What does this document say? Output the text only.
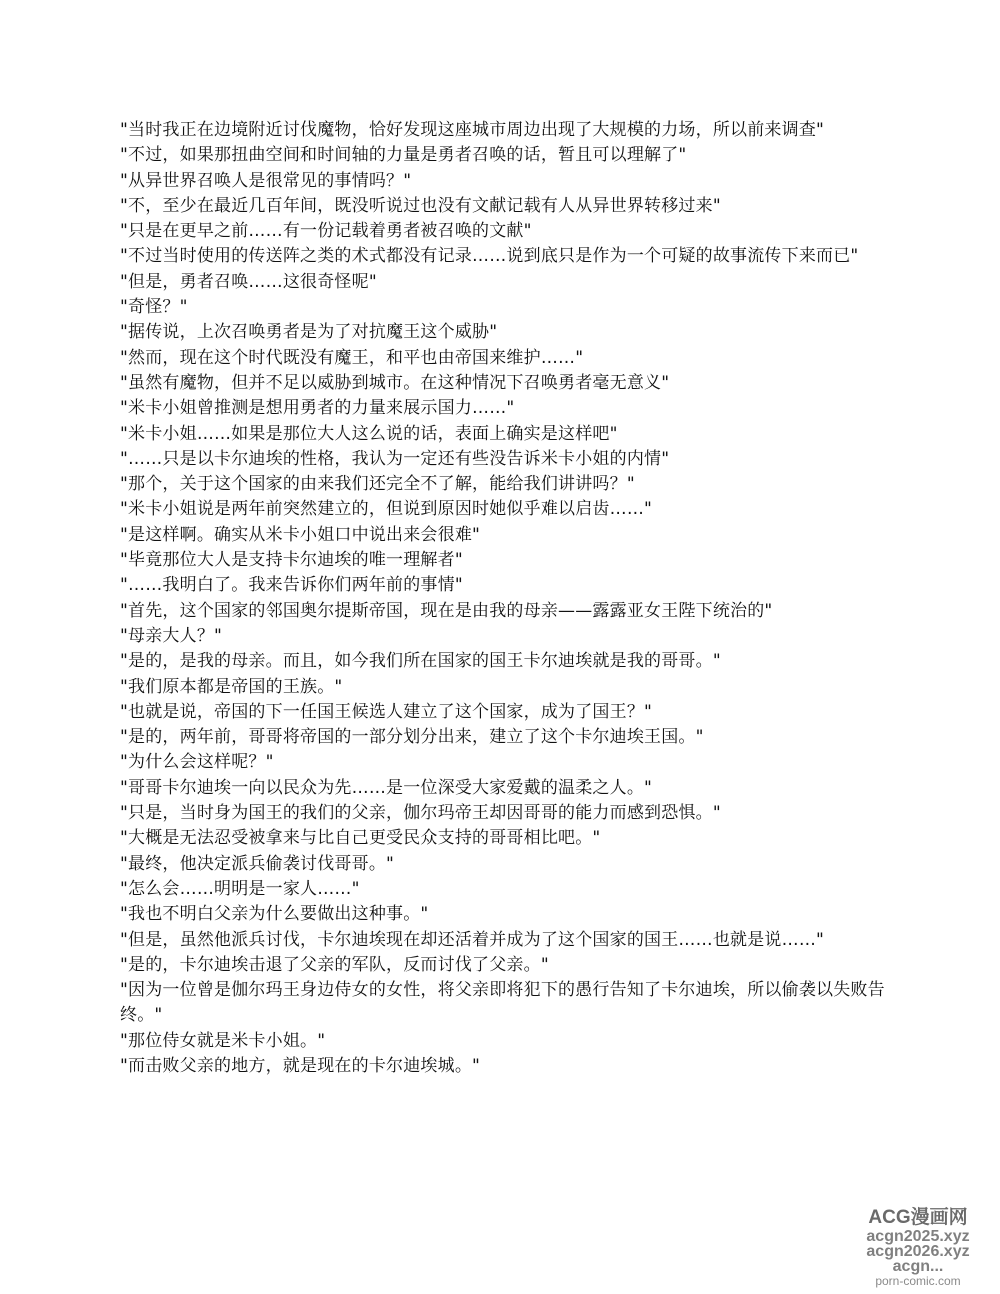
"当时我正在边境附近讨伐魔物，恰好发现这座城市周边出现了大规模的力场，所以前来调查"
"不过，如果那扭曲空间和时间轴的力量是勇者召唤的话，暂且可以理解了"
"从异世界召唤人是很常见的事情吗？"
"不，至少在最近几百年间，既没听说过也没有文献记载有人从异世界转移过来"
"只是在更早之前……有一份记载着勇者被召唤的文献"
"不过当时使用的传送阵之类的术式都没有记录……说到底只是作为一个可疑的故事流传下来而已"
"但是，勇者召唤……这很奇怪呢"
"奇怪？"
"据传说，上次召唤勇者是为了对抗魔王这个威胁"
"然而，现在这个时代既没有魔王，和平也由帝国来维护……"
"虽然有魔物，但并不足以威胁到城市。在这种情况下召唤勇者毫无意义"
"米卡小姐曾推测是想用勇者的力量来展示国力……"
"米卡小姐……如果是那位大人这么说的话，表面上确实是这样吧"
"……只是以卡尔迪埃的性格，我认为一定还有些没告诉米卡小姐的内情"
"那个，关于这个国家的由来我们还完全不了解，能给我们讲讲吗？"
"米卡小姐说是两年前突然建立的，但说到原因时她似乎难以启齿……"
"是这样啊。确实从米卡小姐口中说出来会很难"
"毕竟那位大人是支持卡尔迪埃的唯一理解者"
"……我明白了。我来告诉你们两年前的事情"
"首先，这个国家的邻国奥尔提斯帝国，现在是由我的母亲——露露亚女王陛下统治的"
"母亲大人？"
"是的，是我的母亲。而且，如今我们所在国家的国王卡尔迪埃就是我的哥哥。"
"我们原本都是帝国的王族。"
"也就是说，帝国的下一任国王候选人建立了这个国家，成为了国王？"
"是的，两年前，哥哥将帝国的一部分划分出来，建立了这个卡尔迪埃王国。"
"为什么会这样呢？"
"哥哥卡尔迪埃一向以民众为先……是一位深受大家爱戴的温柔之人。"
"只是，当时身为国王的我们的父亲，伽尔玛帝王却因哥哥的能力而感到恐惧。"
"大概是无法忍受被拿来与比自己更受民众支持的哥哥相比吧。"
"最终，他决定派兵偷袭讨伐哥哥。"
"怎么会……明明是一家人……"
"我也不明白父亲为什么要做出这种事。"
"但是，虽然他派兵讨伐，卡尔迪埃现在却还活着并成为了这个国家的国王……也就是说……"
"是的，卡尔迪埃击退了父亲的军队，反而讨伐了父亲。"
"因为一位曾是伽尔玛王身边侍女的女性，将父亲即将犯下的愚行告知了卡尔迪埃，所以偷袭以失败告终。"
"那位侍女就是米卡小姐。"
"而击败父亲的地方，就是现在的卡尔迪埃城。"
ACG漫画网
acgn2025.xyz
acgn2026.xyz
acgn...
porn-comic.com
